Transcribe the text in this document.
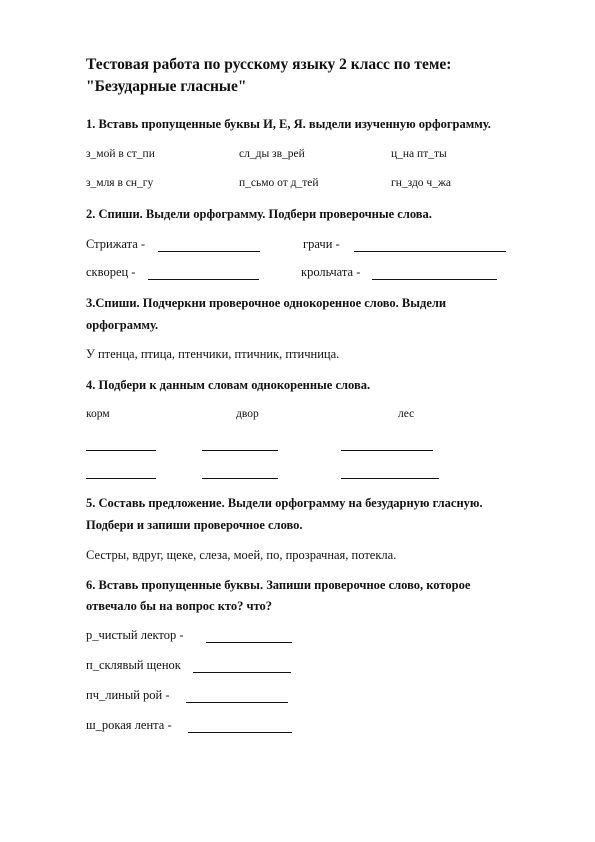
Тестовая работа по русскому языку 2 класс по теме:
"Безударные гласные"
1. Вставь пропущенные буквы И, Е, Я. выдели изученную орфограмму.
з_мой в ст_пи	сл_ды зв_рей	ц_на пт_ты
з_мля в сн_гу	п_сьмо от д_тей	гн_здо ч_жа
2. Спиши. Выдели орфограмму. Подбери проверочные слова.
Стрижата -	грачи -
скворец -	крольчата -
3.Спиши. Подчеркни проверочное однокоренное слово. Выдели
орфограмму.
У птенца, птица, птенчики, птичник, птичница.
4. Подбери к данным словам однокоренные слова.
корм	двор	лес
5. Составь предложение. Выдели орфограмму на безударную гласную.
Подбери и запиши проверочное слово.
Сестры, вдруг, щеке, слеза, моей, по, прозрачная, потекла.
6. Вставь пропущенные буквы. Запиши проверочное слово, которое
отвечало бы на вопрос кто? что?
р_чистый лектор -
п_склявый щенок
пч_линый рой -
ш_рокая лента -
